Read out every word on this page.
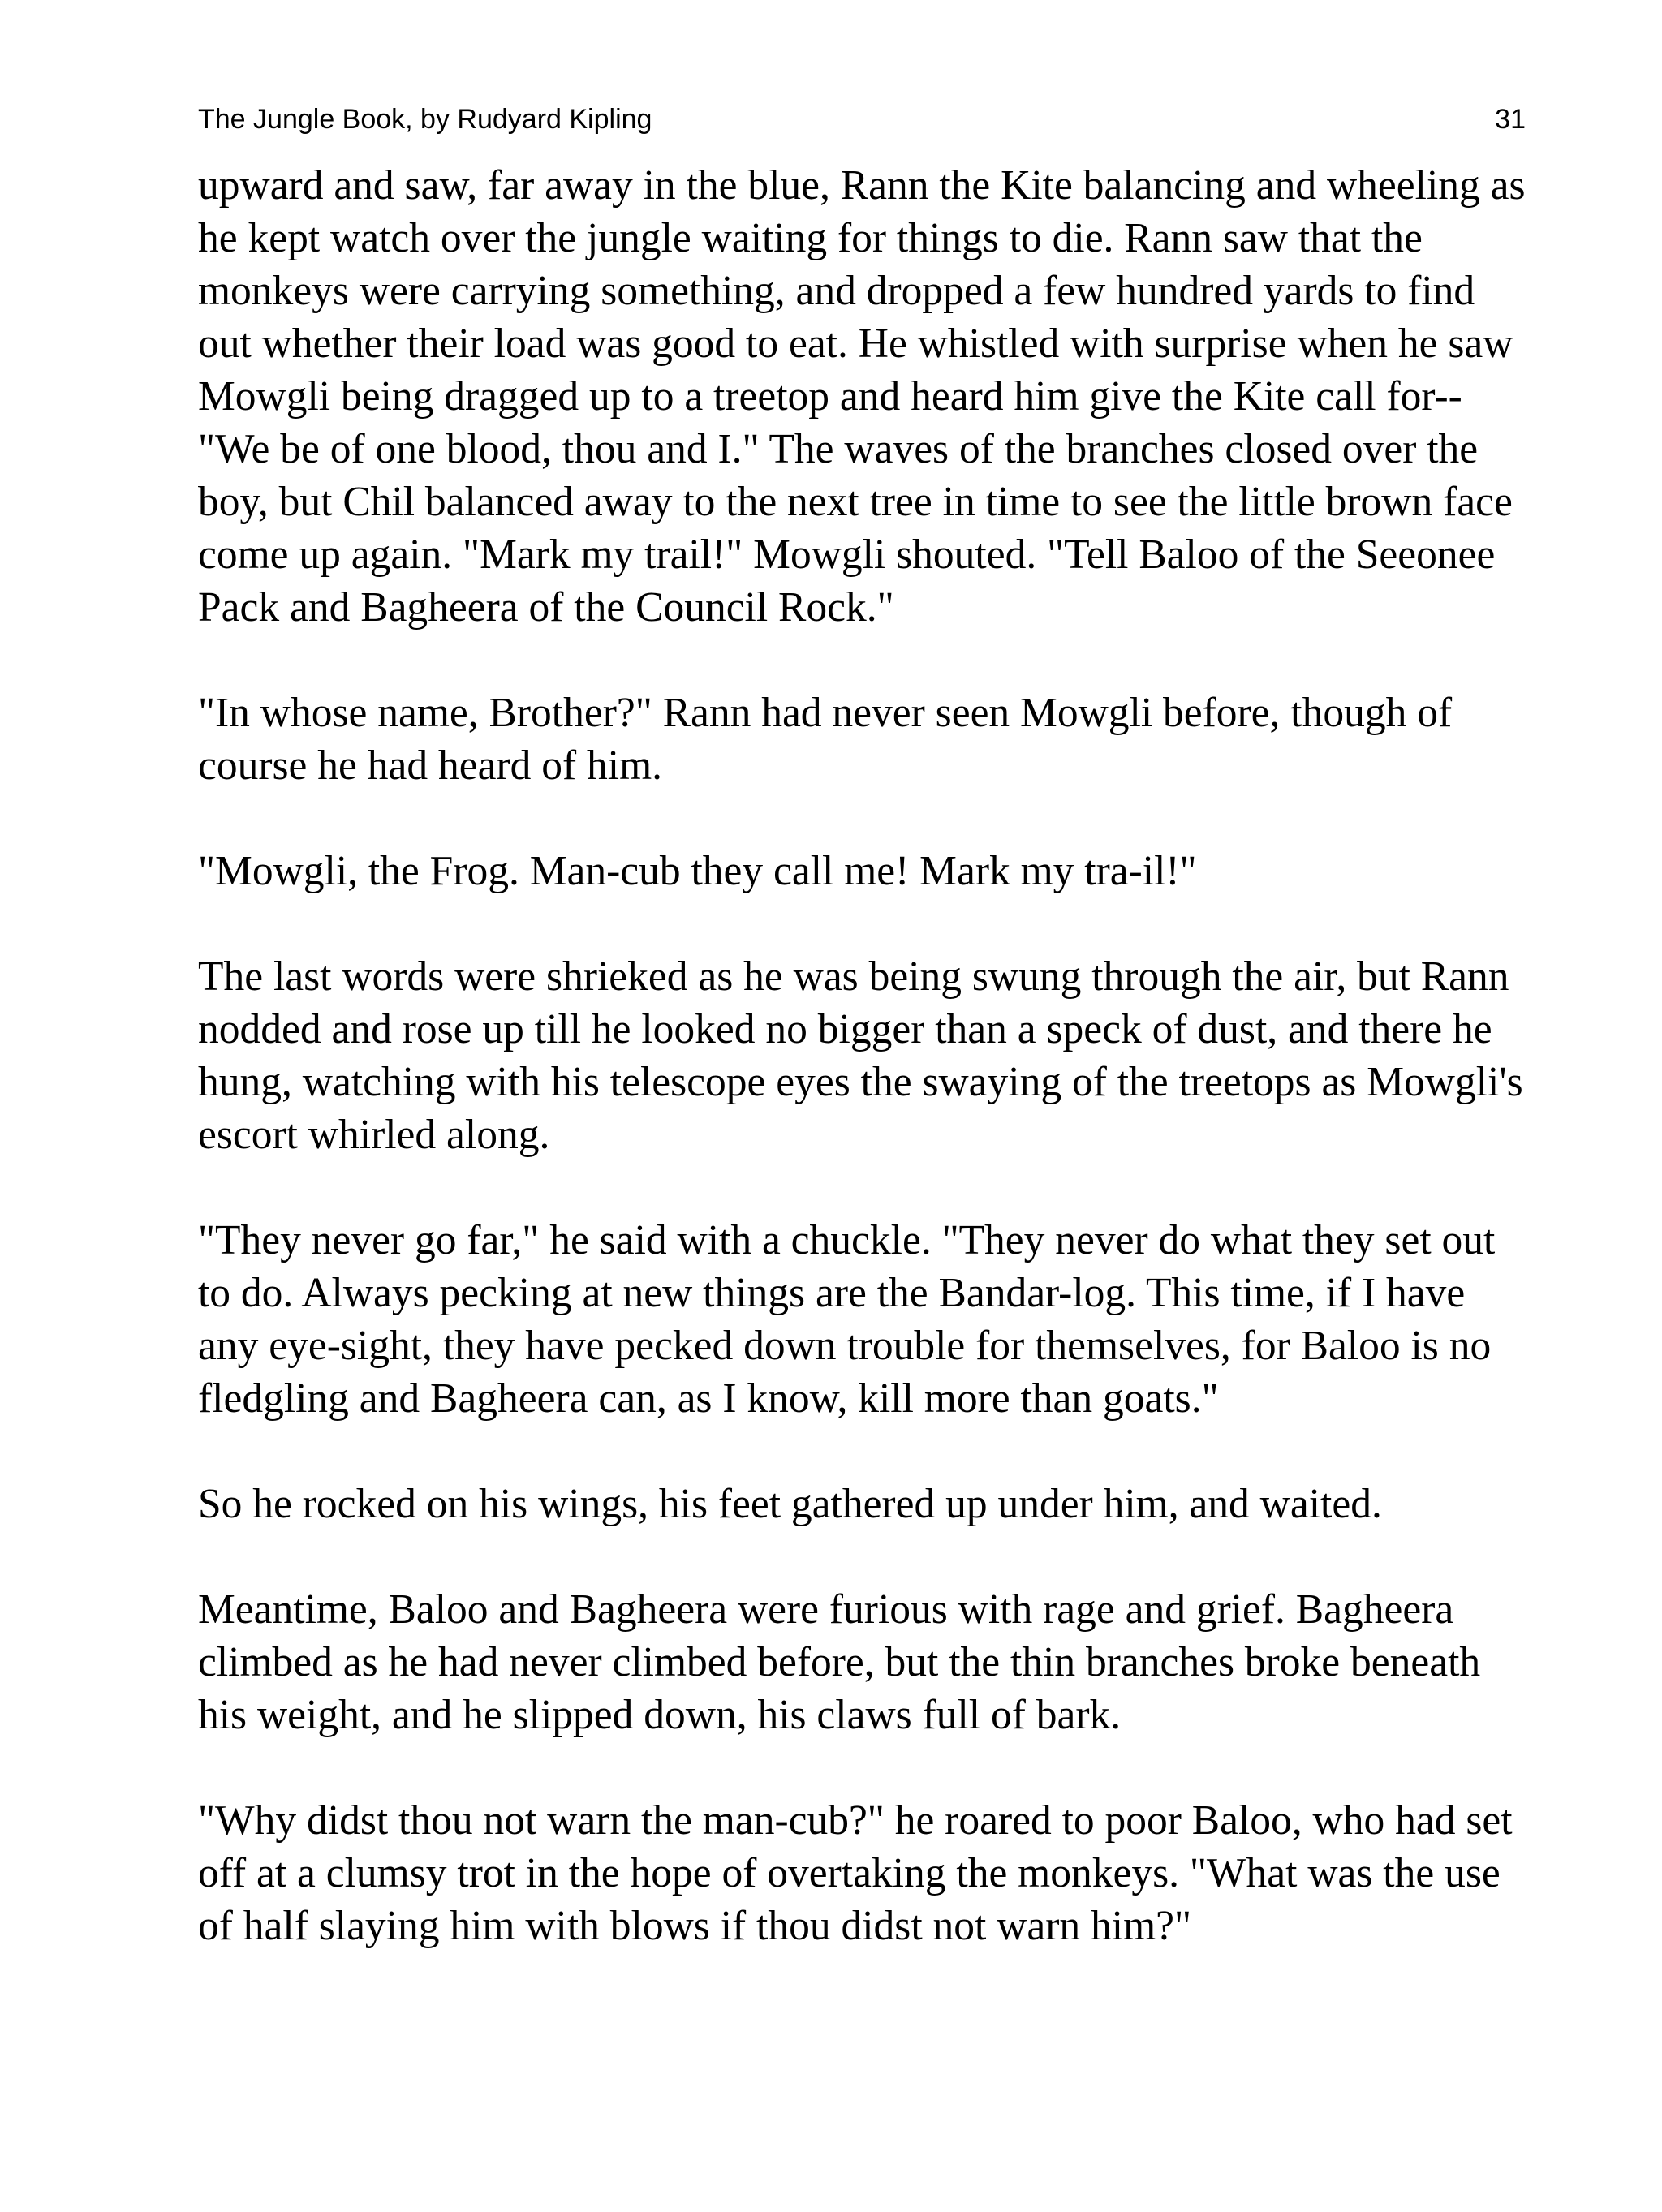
The Jungle Book, by Rudyard Kipling	31

upward and saw, far away in the blue, Rann the Kite balancing and wheeling as he kept watch over the jungle waiting for things to die. Rann saw that the monkeys were carrying something, and dropped a few hundred yards to find out whether their load was good to eat. He whistled with surprise when he saw Mowgli being dragged up to a treetop and heard him give the Kite call for--"We be of one blood, thou and I." The waves of the branches closed over the boy, but Chil balanced away to the next tree in time to see the little brown face come up again. "Mark my trail!" Mowgli shouted. "Tell Baloo of the Seeonee Pack and Bagheera of the Council Rock."

"In whose name, Brother?" Rann had never seen Mowgli before, though of course he had heard of him.

"Mowgli, the Frog. Man-cub they call me! Mark my tra-il!"

The last words were shrieked as he was being swung through the air, but Rann nodded and rose up till he looked no bigger than a speck of dust, and there he hung, watching with his telescope eyes the swaying of the treetops as Mowgli's escort whirled along.

"They never go far," he said with a chuckle. "They never do what they set out to do. Always pecking at new things are the Bandar-log. This time, if I have any eye-sight, they have pecked down trouble for themselves, for Baloo is no fledgling and Bagheera can, as I know, kill more than goats."

So he rocked on his wings, his feet gathered up under him, and waited.

Meantime, Baloo and Bagheera were furious with rage and grief. Bagheera climbed as he had never climbed before, but the thin branches broke beneath his weight, and he slipped down, his claws full of bark.

"Why didst thou not warn the man-cub?" he roared to poor Baloo, who had set off at a clumsy trot in the hope of overtaking the monkeys. "What was the use of half slaying him with blows if thou didst not warn him?"
